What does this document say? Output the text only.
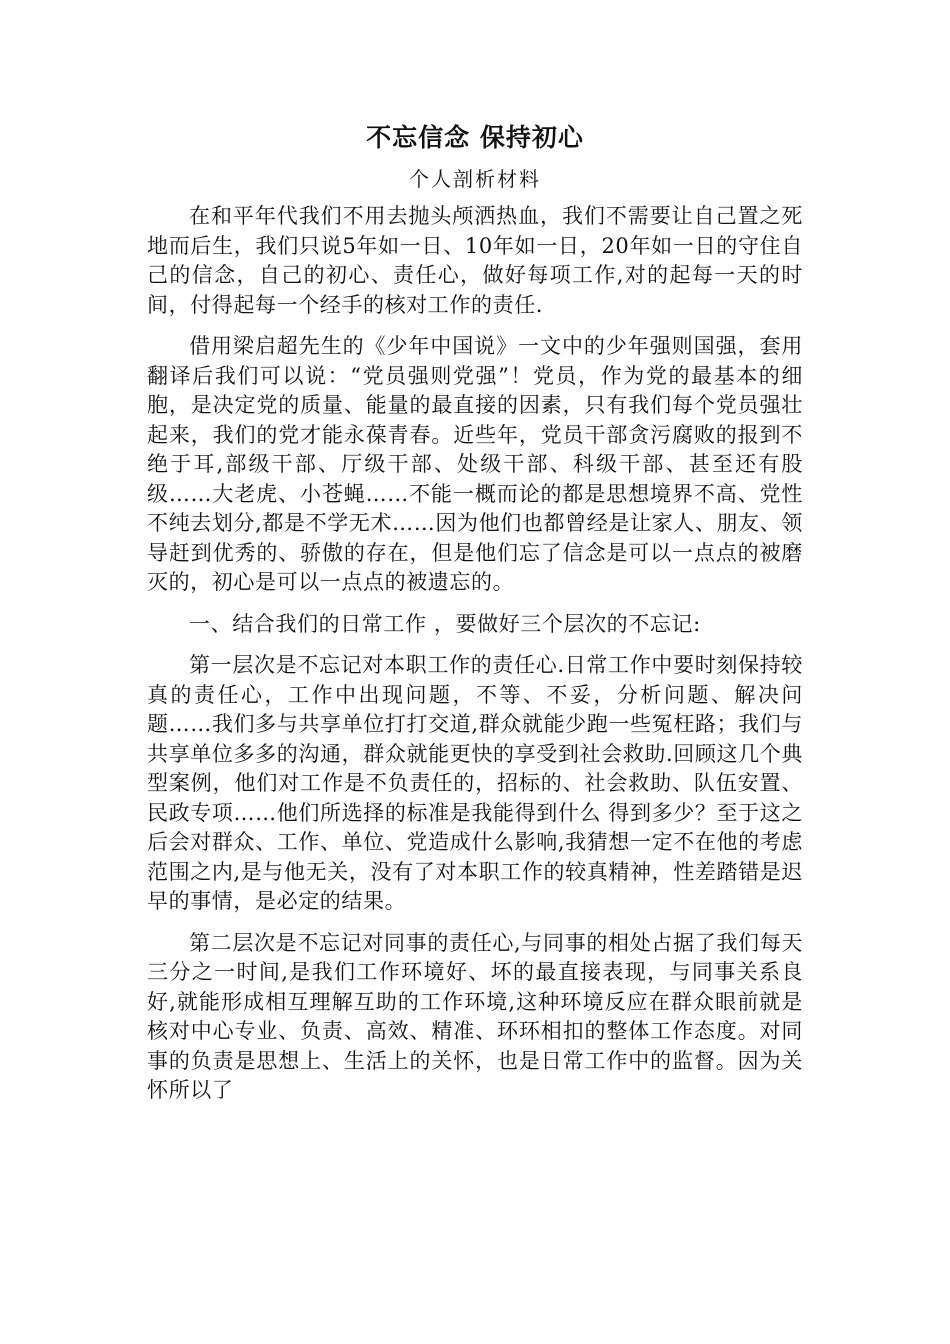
不忘信念 保持初心
个人剖析材料

在和平年代我们不用去抛头颅洒热血，我们不需要让自己置之死地而后生，我们只说5年如一日、10年如一日，20年如一日的守住自己的信念，自己的初心、责任心，做好每项工作,对的起每一天的时间，付得起每一个经手的核对工作的责任.

借用梁启超先生的《少年中国说》一文中的少年强则国强，套用翻译后我们可以说：“党员强则党强”！党员，作为党的最基本的细胞，是决定党的质量、能量的最直接的因素，只有我们每个党员强壮起来，我们的党才能永葆青春。近些年，党员干部贪污腐败的报到不绝于耳,部级干部、厅级干部、处级干部、科级干部、甚至还有股级……大老虎、小苍蝇……不能一概而论的都是思想境界不高、党性不纯去划分,都是不学无术……因为他们也都曾经是让家人、朋友、领导赶到优秀的、骄傲的存在，但是他们忘了信念是可以一点点的被磨灭的，初心是可以一点点的被遗忘的。

一、结合我们的日常工作 ，要做好三个层次的不忘记:

第一层次是不忘记对本职工作的责任心.日常工作中要时刻保持较真的责任心，工作中出现问题，不等、不妥，分析问题、解决问题……我们多与共享单位打打交道,群众就能少跑一些冤枉路；我们与共享单位多多的沟通，群众就能更快的享受到社会救助.回顾这几个典型案例，他们对工作是不负责任的，招标的、社会救助、队伍安置、民政专项……他们所选择的标准是我能得到什么 得到多少？至于这之后会对群众、工作、单位、党造成什么影响,我猜想一定不在他的考虑范围之内,是与他无关，没有了对本职工作的较真精神，性差踏错是迟早的事情，是必定的结果。

第二层次是不忘记对同事的责任心,与同事的相处占据了我们每天三分之一时间,是我们工作环境好、坏的最直接表现，与同事关系良好,就能形成相互理解互助的工作环境,这种环境反应在群众眼前就是核对中心专业、负责、高效、精准、环环相扣的整体工作态度。对同事的负责是思想上、生活上的关怀，也是日常工作中的监督。因为关怀所以了
